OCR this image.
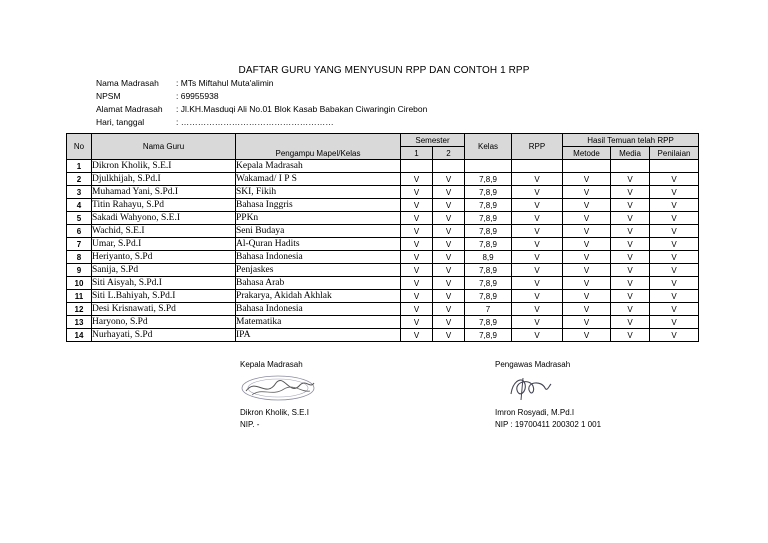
DAFTAR GURU YANG MENYUSUN RPP DAN CONTOH 1 RPP
Nama Madrasah : MTs Miftahul Muta'alimin
NPSM	: 69955938
Alamat Madrasah : Jl.KH.Masduqi Ali No.01 Blok Kasab Babakan Ciwaringin Cirebon
Hari, tanggal	: ………………………………………………
No	Nama Guru	Pengampu Mapel/Kelas	Semester		Kelas	RPP	Hasil Temuan telah RPP		
			1	2			Metode	Media	Penilaian
1	Dikron Kholik, S.E.I	Kepala Madrasah							
2	Djulkhijah, S.Pd.I	Wakamad/ I P S	V	V	7,8,9	V	V	V	V
3	Muhamad Yani, S.Pd.I	SKI, Fikih	V	V	7,8,9	V	V	V	V
4	Titin Rahayu, S.Pd	Bahasa Inggris	V	V	7,8,9	V	V	V	V
5	Sakadi Wahyono, S.E.I	PPKn	V	V	7,8,9	V	V	V	V
6	Wachid, S.E.I	Seni Budaya	V	V	7,8,9	V	V	V	V
7	Umar, S.Pd.I	Al-Quran Hadits	V	V	7,8,9	V	V	V	V
8	Heriyanto, S.Pd	Bahasa Indonesia	V	V	8,9	V	V	V	V
9	Sanija, S.Pd	Penjaskes	V	V	7,8,9	V	V	V	V
10	Siti Aisyah, S.Pd.I	Bahasa Arab	V	V	7,8,9	V	V	V	V
11	Siti L.Bahiyah, S.Pd.I	Prakarya, Akidah Akhlak	V	V	7,8,9	V	V	V	V
12	Desi Krisnawati, S.Pd	Bahasa Indonesia	V	V	7	V	V	V	V
13	Haryono, S.Pd	Matematika	V	V	7,8,9	V	V	V	V
14	Nurhayati, S.Pd	IPA	V	V	7,8,9	V	V	V	V
Kepala Madrasah
Dikron Kholik, S.E.I
NIP. -
Pengawas Madrasah
Imron Rosyadi, M.Pd.I
NIP : 19700411 200302 1 001
